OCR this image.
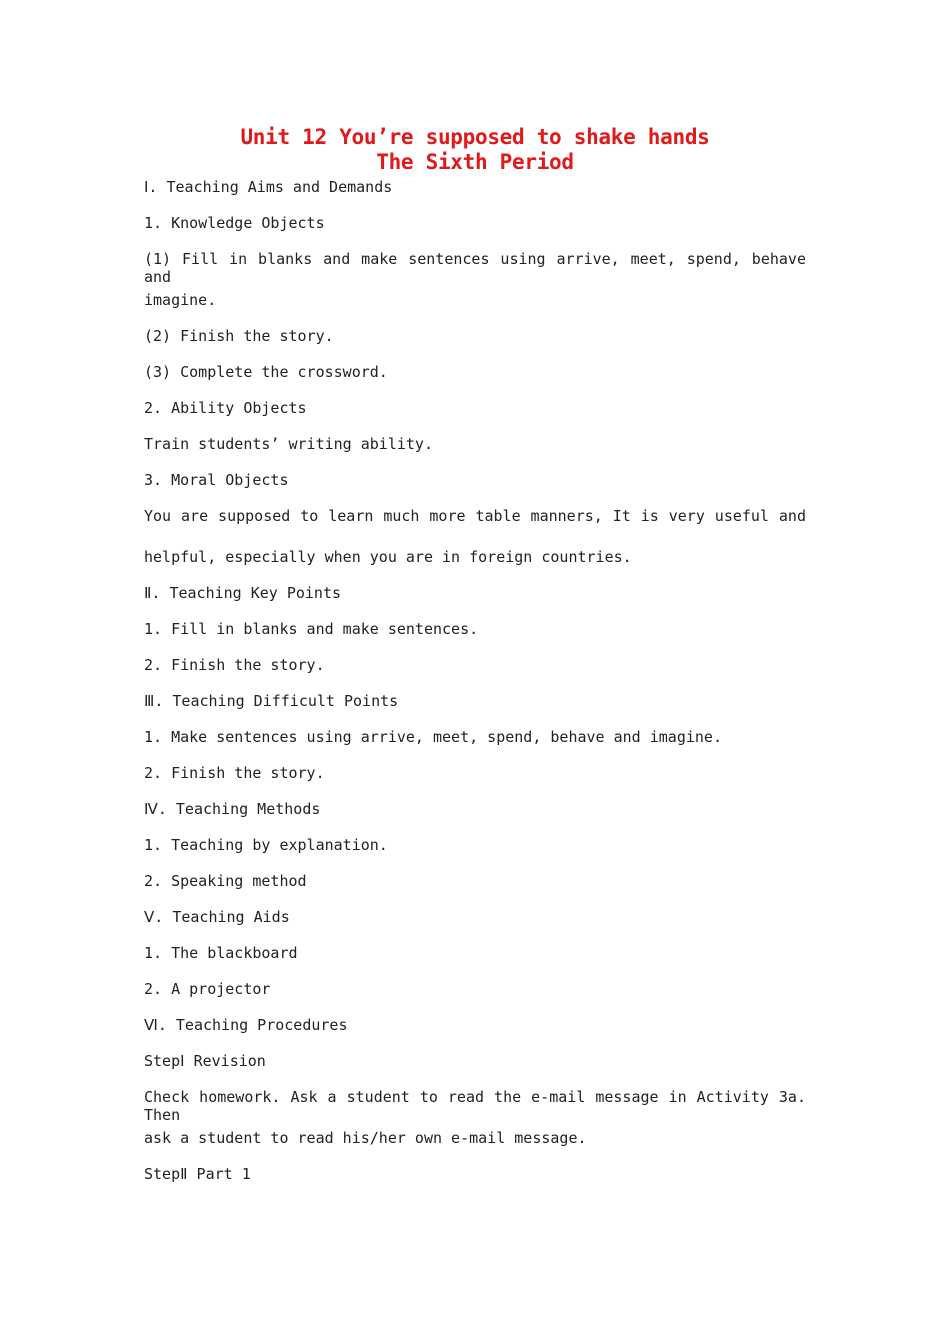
Unit 12 You’re supposed to shake hands
The Sixth Period
Ⅰ. Teaching Aims and Demands
1. Knowledge Objects
(1) Fill in blanks and make sentences using arrive, meet, spend, behave and
imagine.
(2) Finish the story.
(3) Complete the crossword.
2. Ability Objects
Train students’ writing ability.
3. Moral Objects
You are supposed to learn much more table manners, It is very useful and
helpful, especially when you are in foreign countries.
Ⅱ. Teaching Key Points
1. Fill in blanks and make sentences.
2. Finish the story.
Ⅲ. Teaching Difficult Points
1. Make sentences using arrive, meet, spend, behave and imagine.
2. Finish the story.
Ⅳ. Teaching Methods
1. Teaching by explanation.
2. Speaking method
Ⅴ. Teaching Aids
1. The blackboard
2. A projector
Ⅵ. Teaching Procedures
StepⅠ Revision
Check homework. Ask a student to read the e-mail message in Activity 3a. Then
ask a student to read his/her own e-mail message.
StepⅡ Part 1
